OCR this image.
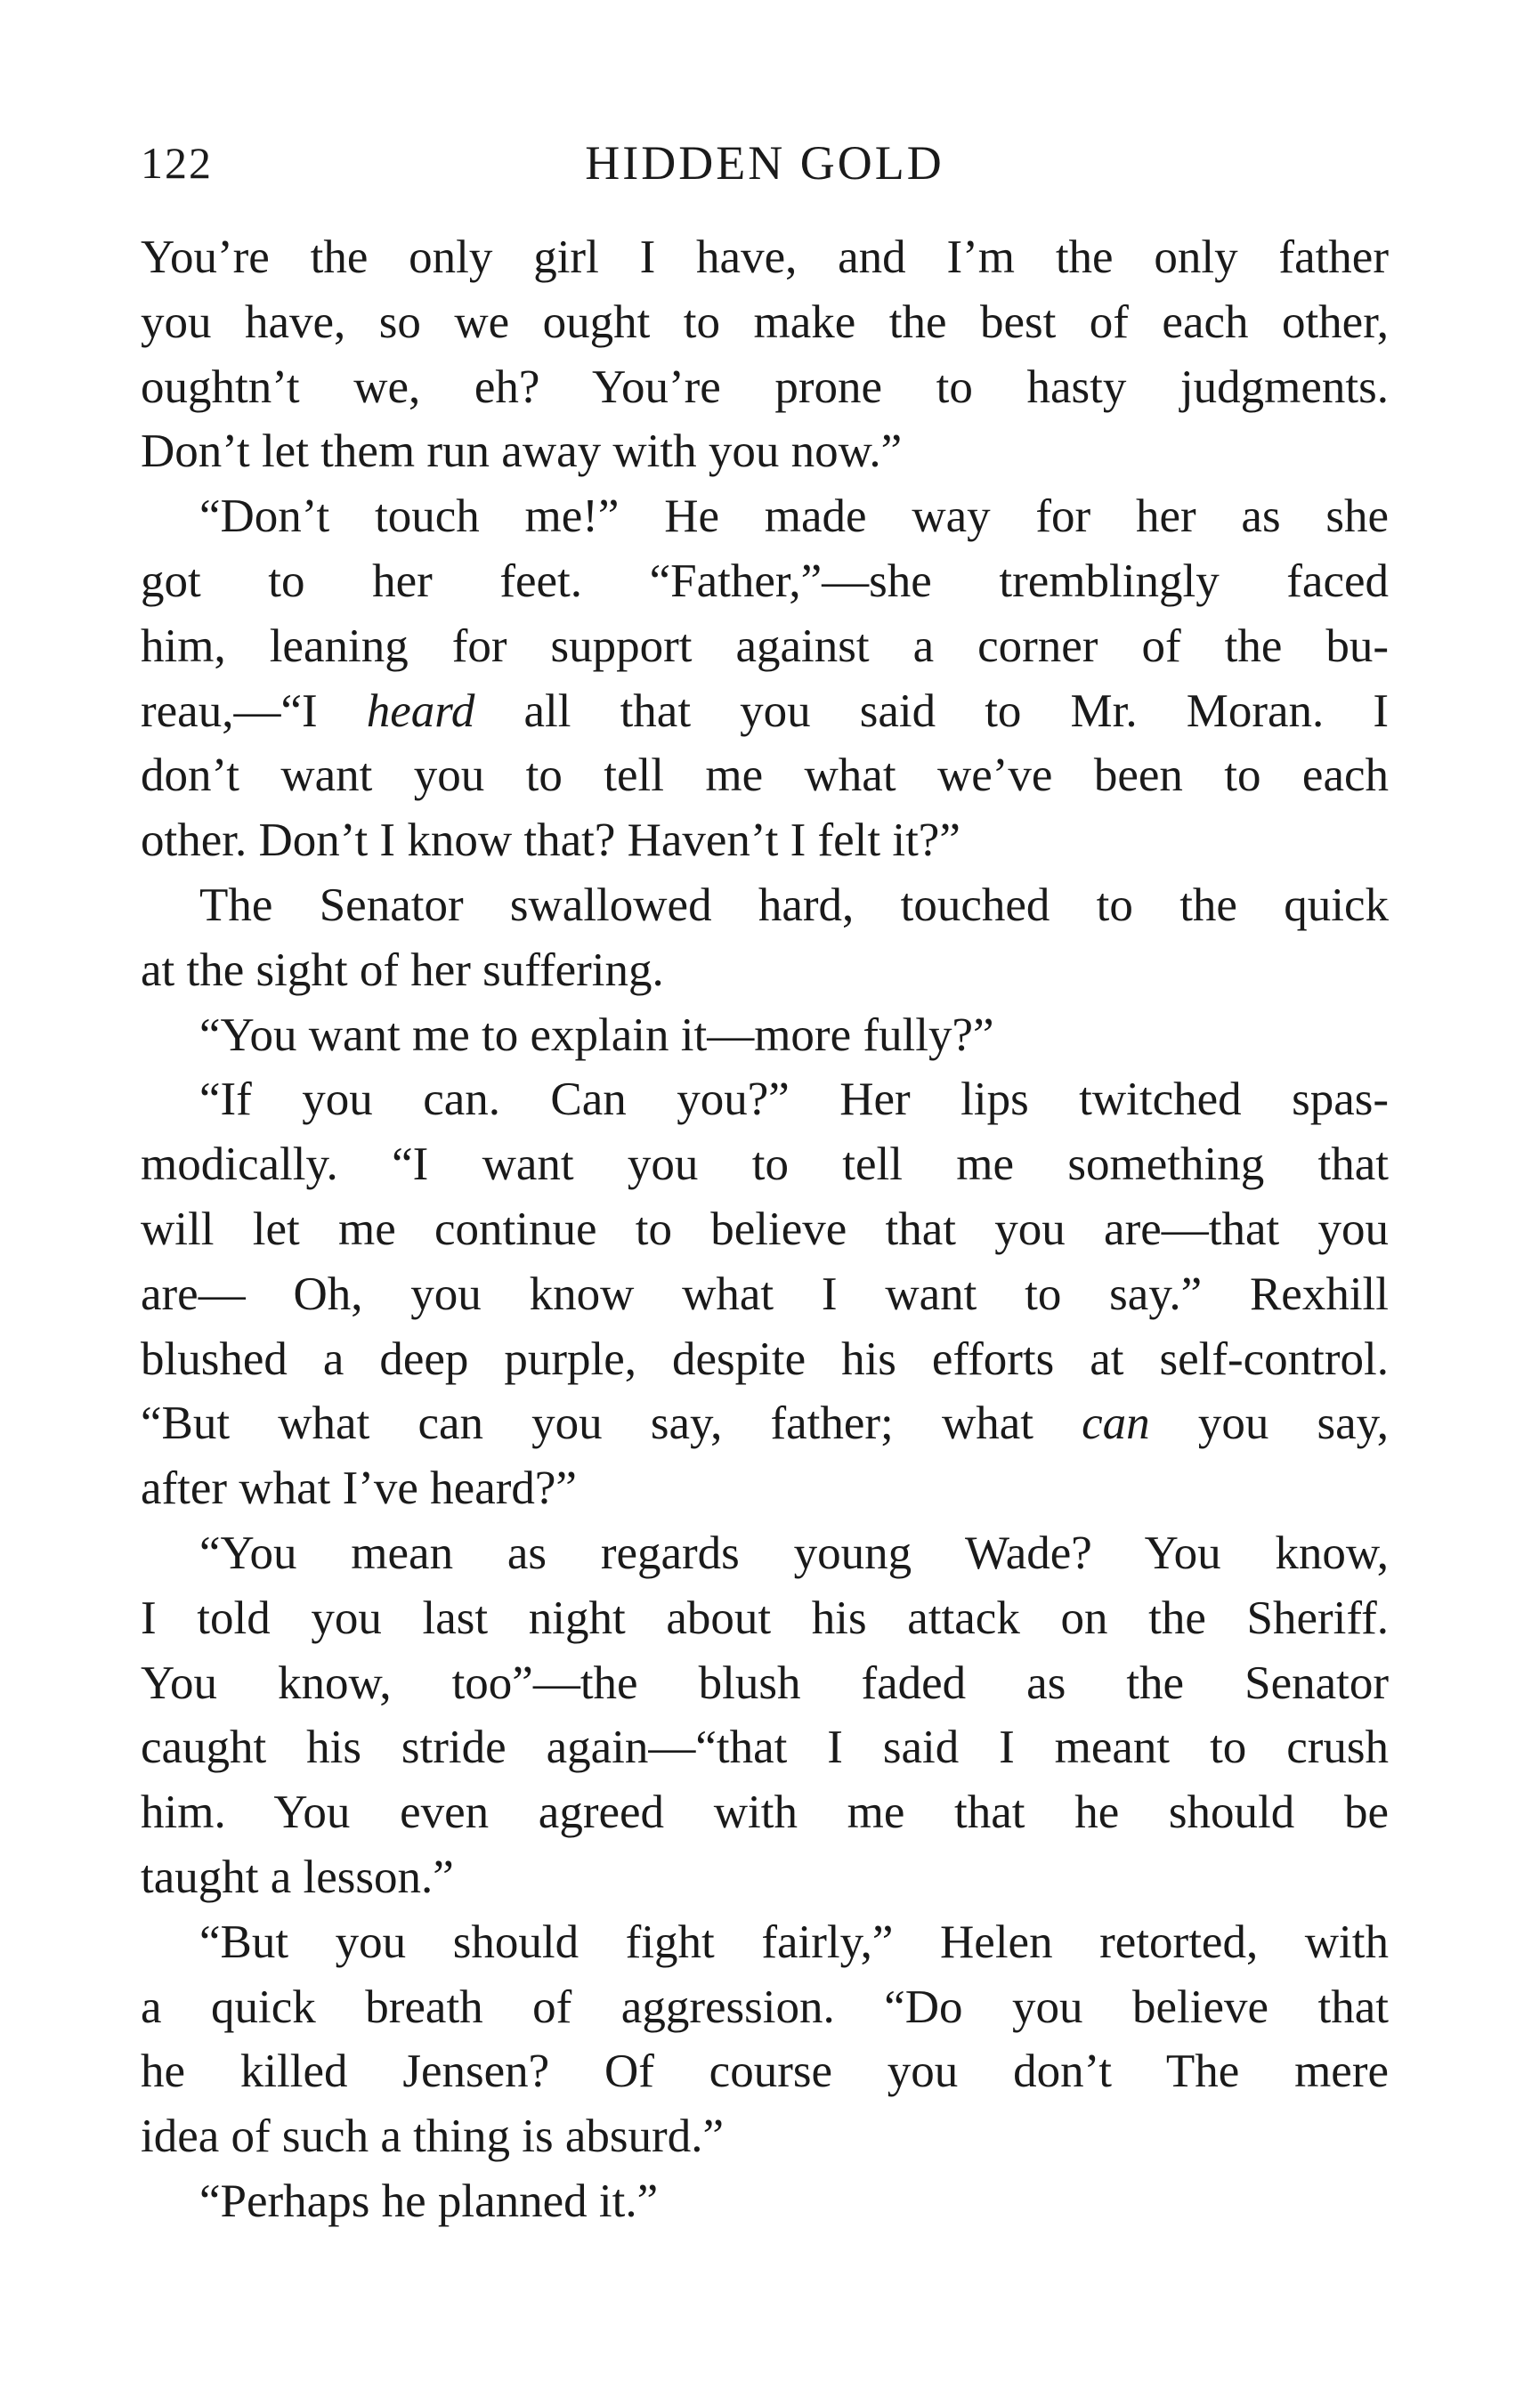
122	HIDDEN GOLD
You’re the only girl I have, and I’m the only father
you have, so we ought to make the best of each other,
oughtn’t we, eh? You’re prone to hasty judgments.
Don’t let them run away with you now.”
“Don’t touch me!” He made way for her as she
got to her feet. “Father,”—she tremblingly faced
him, leaning for support against a corner of the bu-
reau,—“I heard all that you said to Mr. Moran. I
don’t want you to tell me what we’ve been to each
other. Don’t I know that? Haven’t I felt it?”
The Senator swallowed hard, touched to the quick
at the sight of her suffering.
“You want me to explain it—more fully?”
“If you can. Can you?” Her lips twitched spas-
modically. “I want you to tell me something that
will let me continue to believe that you are—that you
are— Oh, you know what I want to say.” Rexhill
blushed a deep purple, despite his efforts at self-control.
“But what can you say, father; what can you say,
after what I’ve heard?”
“You mean as regards young Wade? You know,
I told you last night about his attack on the Sheriff.
You know, too”—the blush faded as the Senator
caught his stride again—“that I said I meant to crush
him. You even agreed with me that he should be
taught a lesson.”
“But you should fight fairly,” Helen retorted, with
a quick breath of aggression. “Do you believe that
he killed Jensen? Of course you don’t The mere
idea of such a thing is absurd.”
“Perhaps he planned it.”
